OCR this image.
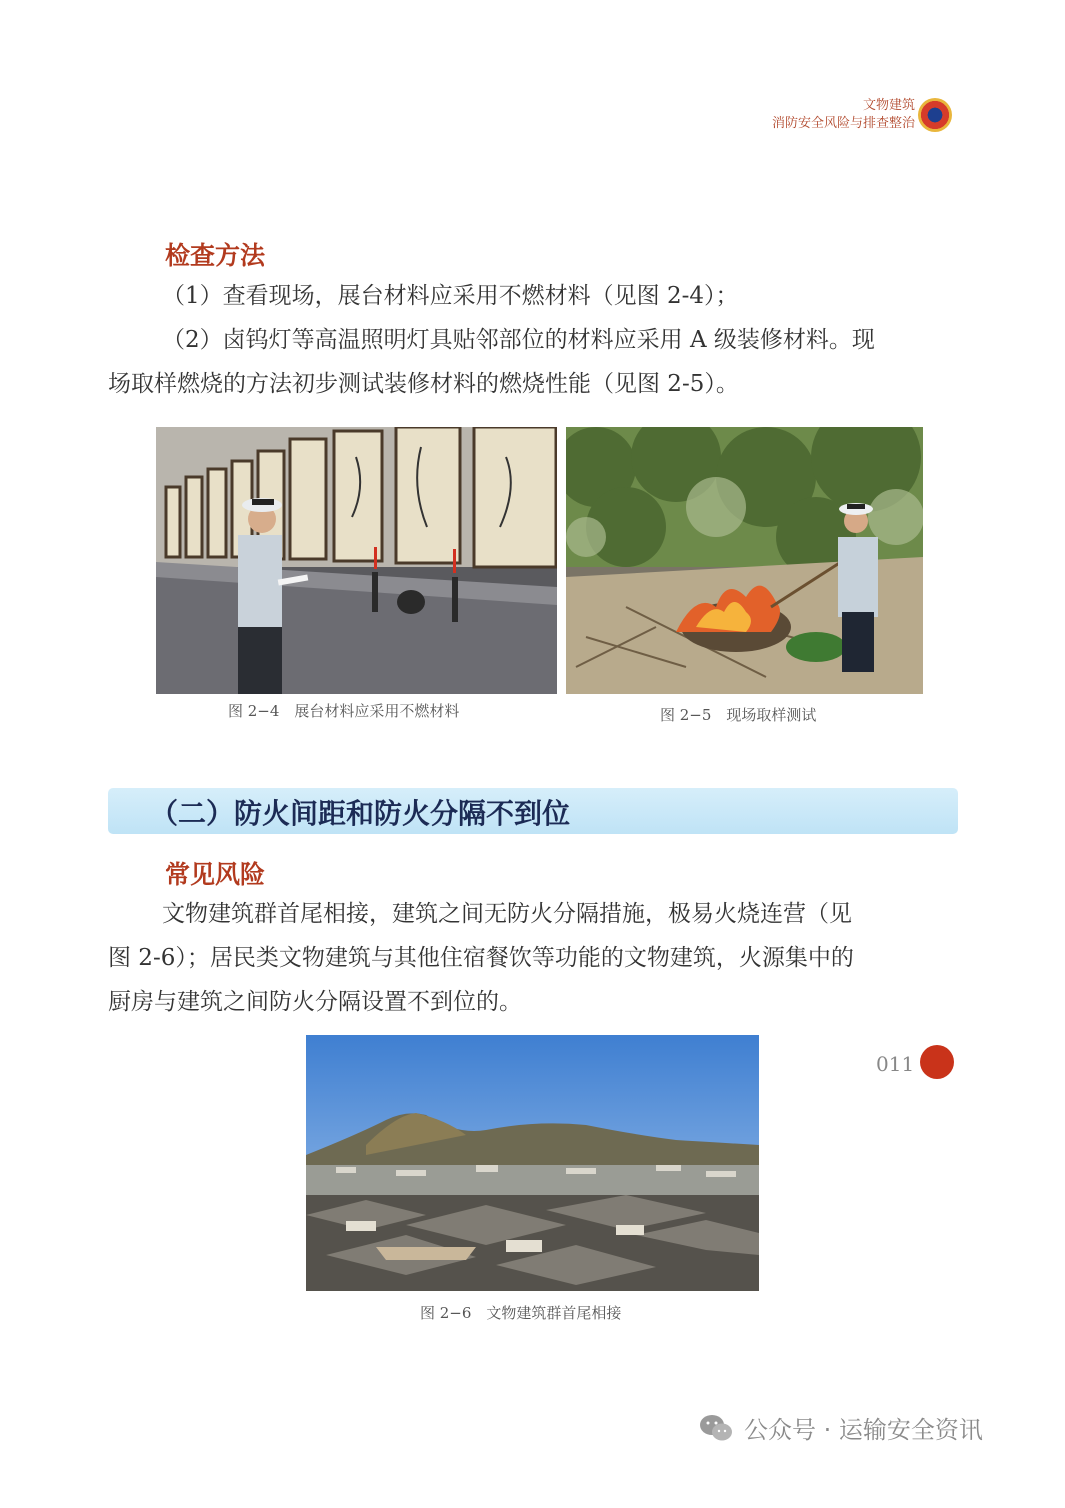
文物建筑
消防安全风险与排查整治
检查方法
（1）查看现场，展台材料应采用不燃材料（见图 2-4）；
（2）卤钨灯等高温照明灯具贴邻部位的材料应采用 A 级装修材料。现
场取样燃烧的方法初步测试装修材料的燃烧性能（见图 2-5）。
图 2−4　展台材料应采用不燃材料	图 2−5　现场取样测试
（二）防火间距和防火分隔不到位
常见风险
文物建筑群首尾相接，建筑之间无防火分隔措施，极易火烧连营（见
图 2-6）；居民类文物建筑与其他住宿餐饮等功能的文物建筑，火源集中的
厨房与建筑之间防火分隔设置不到位的。
图 2−6　文物建筑群首尾相接
011
公众号 · 运输安全资讯
